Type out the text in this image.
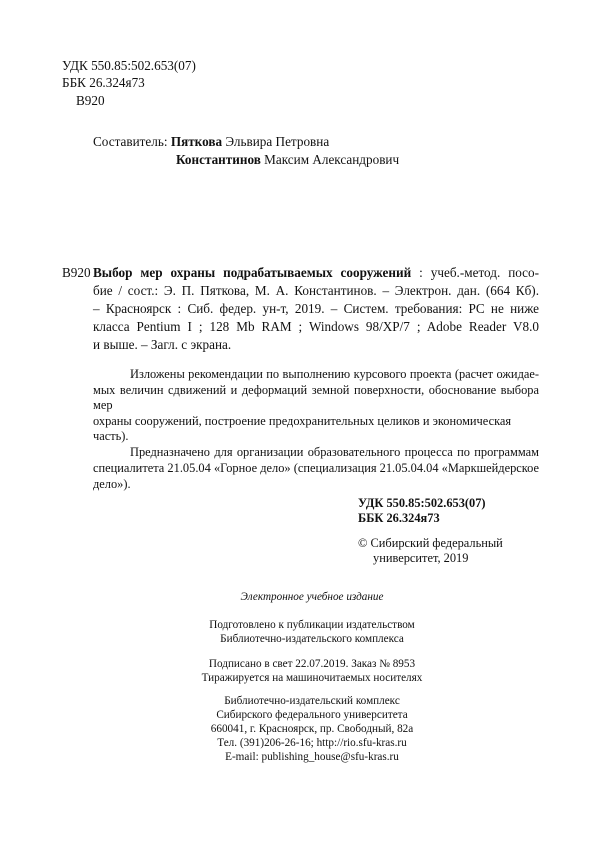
УДК 550.85:502.653(07)
ББК 26.324я73
В920
Составитель: Пяткова Эльвира Петровна
Константинов Максим Александрович
В920 Выбор мер охраны подрабатываемых сооружений : учеб.-метод. посо-
бие / сост.: Э. П. Пяткова, М. А. Константинов. – Электрон. дан. (664 Кб).
– Красноярск : Сиб. федер. ун-т, 2019. – Систем. требования: PC не ниже
класса Pentium I ; 128 Mb RAM ; Windows 98/XP/7 ; Adobe Reader V8.0
и выше. – Загл. с экрана.
Изложены рекомендации по выполнению курсового проекта (расчет ожидае-
мых величин сдвижений и деформаций земной поверхности, обоснование выбора мер
охраны сооружений, построение предохранительных целиков и экономическая часть).
Предназначено для организации образовательного процесса по программам
специалитета 21.05.04 «Горное дело» (специализация 21.05.04.04 «Маркшейдерское
дело»).
УДК 550.85:502.653(07)
ББК 26.324я73
© Сибирский федеральный
университет, 2019
Электронное учебное издание
Подготовлено к публикации издательством
Библиотечно-издательского комплекса
Подписано в свет 22.07.2019. Заказ № 8953
Тиражируется на машиночитаемых носителях
Библиотечно-издательский комплекс
Сибирского федерального университета
660041, г. Красноярск, пр. Свободный, 82а
Тел. (391)206-26-16; http://rio.sfu-kras.ru
E-mail: publishing_house@sfu-kras.ru
